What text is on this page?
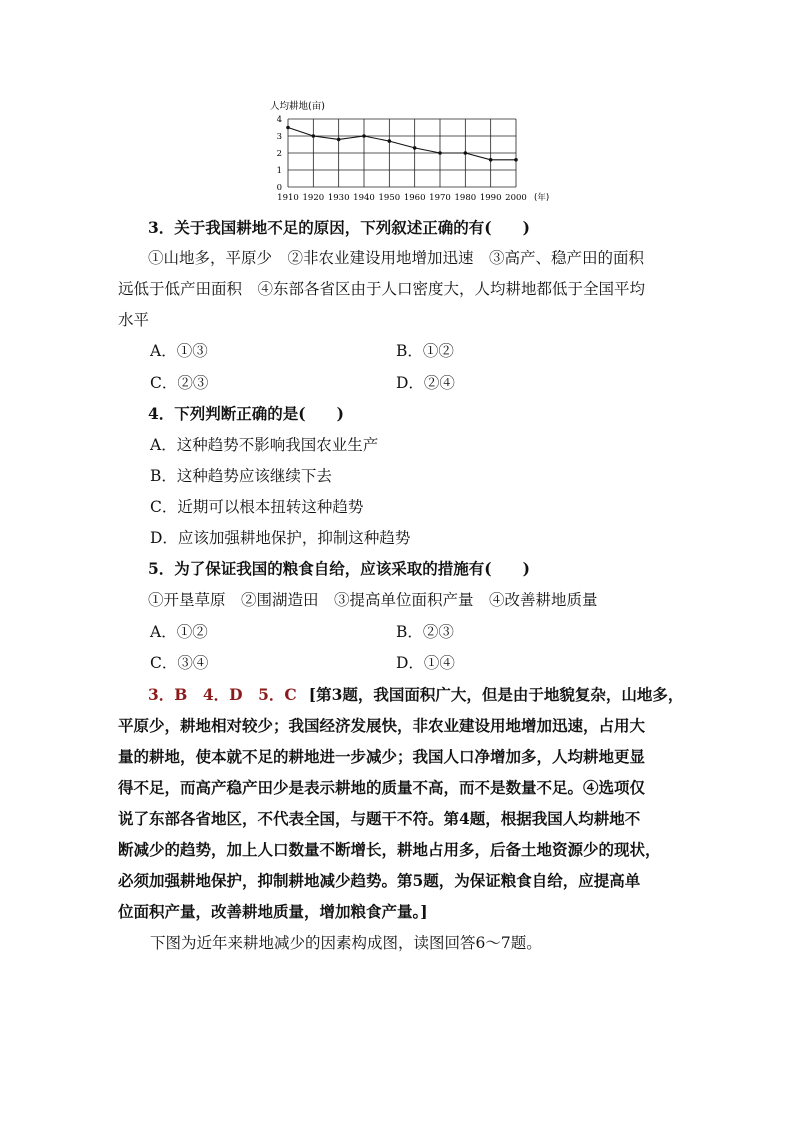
0
1
2
3
4
1910 1920 1930 1940 1950 1960 1970 1980 1990 2000
人均耕地(亩)
(年)
3．关于我国耕地不足的原因，下列叙述正确的有(　　)
①山地多，平原少　②非农业建设用地增加迅速　③高产、稳产田的面积
远低于低产田面积　④东部各省区由于人口密度大，人均耕地都低于全国平均
水平
A．①③	B．①②
C．②③	D．②④
4．下列判断正确的是(　　)
A．这种趋势不影响我国农业生产
B．这种趋势应该继续下去
C．近期可以根本扭转这种趋势
D．应该加强耕地保护，抑制这种趋势
5．为了保证我国的粮食自给，应该采取的措施有(　　)
①开垦草原　②围湖造田　③提高单位面积产量　④改善耕地质量
A．①②	B．②③
C．③④	D．①④
3．B　4．D　5．C [第3题，我国面积广大，但是由于地貌复杂，山地多，
平原少，耕地相对较少；我国经济发展快，非农业建设用地增加迅速，占用大
量的耕地，使本就不足的耕地进一步减少；我国人口净增加多，人均耕地更显
得不足，而高产稳产田少是表示耕地的质量不高，而不是数量不足。④选项仅
说了东部各省地区，不代表全国，与题干不符。第4题，根据我国人均耕地不
断减少的趋势，加上人口数量不断增长，耕地占用多，后备土地资源少的现状，
必须加强耕地保护，抑制耕地减少趋势。第5题，为保证粮食自给，应提高单
位面积产量，改善耕地质量，增加粮食产量。]
下图为近年来耕地减少的因素构成图，读图回答6～7题。
